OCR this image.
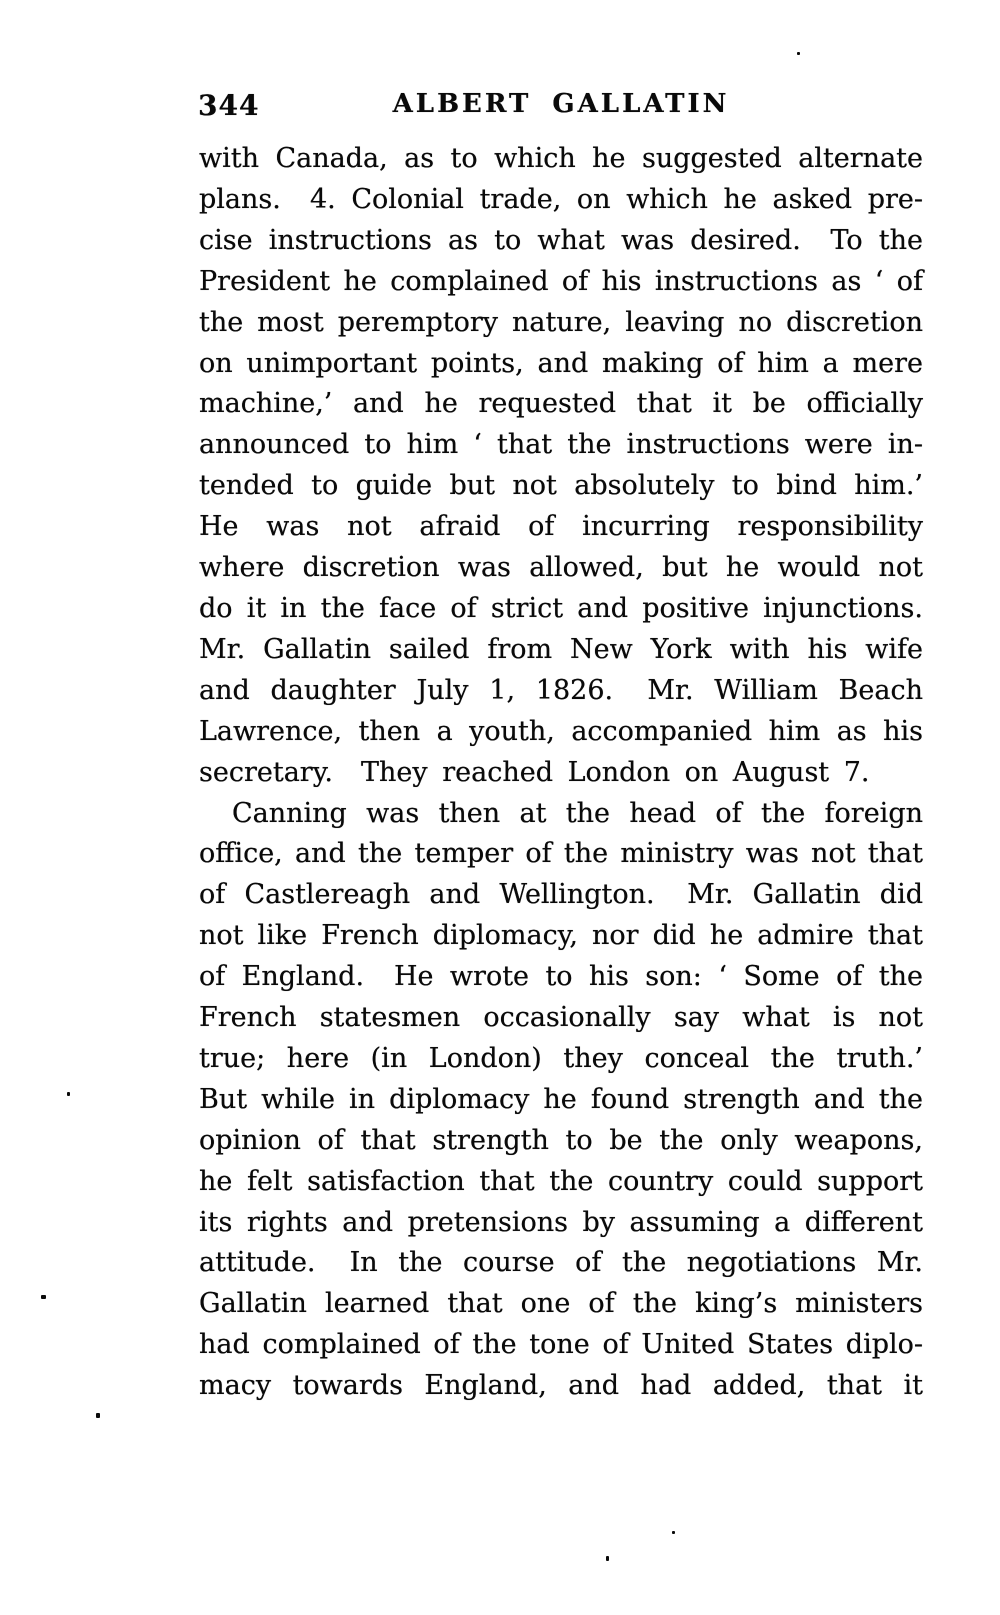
344	ALBERT GALLATIN
with Canada, as to which he suggested alternate
plans.  4. Colonial trade, on which he asked pre-
cise instructions as to what was desired.  To the
President he complained of his instructions as ‘ of
the most peremptory nature, leaving no discretion
on unimportant points, and making of him a mere
machine,’ and he requested that it be officially
announced to him ‘ that the instructions were in-
tended to guide but not absolutely to bind him.’
He was not afraid of incurring responsibility
where discretion was allowed, but he would not
do it in the face of strict and positive injunctions.
Mr. Gallatin sailed from New York with his wife
and daughter July 1, 1826.  Mr. William Beach
Lawrence, then a youth, accompanied him as his
secretary.  They reached London on August 7.
Canning was then at the head of the foreign
office, and the temper of the ministry was not that
of Castlereagh and Wellington.  Mr. Gallatin did
not like French diplomacy, nor did he admire that
of England.  He wrote to his son: ‘ Some of the
French statesmen occasionally say what is not
true; here (in London) they conceal the truth.’
But while in diplomacy he found strength and the
opinion of that strength to be the only weapons,
he felt satisfaction that the country could support
its rights and pretensions by assuming a different
attitude.  In the course of the negotiations Mr.
Gallatin learned that one of the king’s ministers
had complained of the tone of United States diplo-
macy towards England, and had added, that it
